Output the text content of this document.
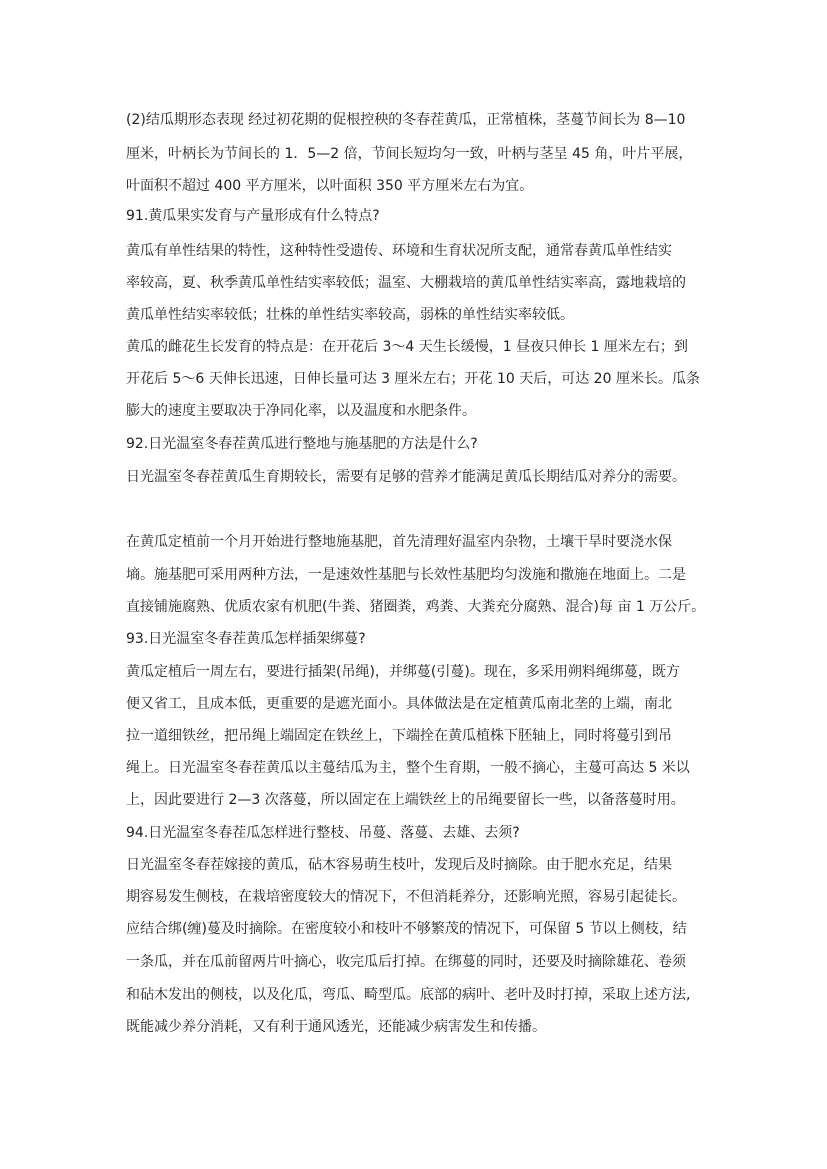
(2)结瓜期形态表现 经过初花期的促根控秧的冬春茬黄瓜，正常植株，茎蔓节间长为 8—10
厘米，叶柄长为节间长的 1．5—2 倍，节间长短均匀一致，叶柄与茎呈 45 角，叶片平展，
叶面积不超过 400 平方厘米，以叶面积 350 平方厘米左右为宜。
91.黄瓜果实发育与产量形成有什么特点?
黄瓜有单性结果的特性，这种特性受遗传、环境和生育状况所支配，通常春黄瓜单性结实
率较高，夏、秋季黄瓜单性结实率较低；温室、大棚栽培的黄瓜单性结实率高，露地栽培的
黄瓜单性结实率较低；壮株的单性结实率较高，弱株的单性结实率较低。
黄瓜的雌花生长发育的特点是：在开花后 3～4 天生长缓慢，1 昼夜只伸长 1 厘米左右；到
开花后 5～6 天伸长迅速，日伸长量可达 3 厘米左右；开花 10 天后，可达 20 厘米长。瓜条
膨大的速度主要取决于净同化率，以及温度和水肥条件。
92.日光温室冬春茬黄瓜进行整地与施基肥的方法是什么?
日光温室冬春茬黄瓜生育期较长，需要有足够的营养才能满足黄瓜长期结瓜对养分的需要。
在黄瓜定植前一个月开始进行整地施基肥，首先清理好温室内杂物，土壤干旱时要浇水保
墒。施基肥可采用两种方法，一是速效性基肥与长效性基肥均匀泼施和撒施在地面上。二是
直接铺施腐熟、优质农家有机肥(牛粪、猪圈粪，鸡粪、大粪充分腐熟、混合)每 亩 1 万公斤。
93.日光温室冬春茬黄瓜怎样插架绑蔓?
黄瓜定植后一周左右，要进行插架(吊绳)，并绑蔓(引蔓)。现在，多采用朔料绳绑蔓，既方
便又省工，且成本低，更重要的是遮光面小。具体做法是在定植黄瓜南北垄的上端，南北
拉一道细铁丝，把吊绳上端固定在铁丝上，下端拴在黄瓜植株下胚轴上，同时将蔓引到吊
绳上。日光温室冬春茬黄瓜以主蔓结瓜为主，整个生育期，一般不摘心，主蔓可高达 5 米以
上，因此要进行 2—3 次落蔓，所以固定在上端铁丝上的吊绳要留长一些，以备落蔓时用。
94.日光温室冬春茬瓜怎样进行整枝、吊蔓、落蔓、去雄、去须?
日光温室冬春茬嫁接的黄瓜，砧木容易萌生枝叶，发现后及时摘除。由于肥水充足，结果
期容易发生侧枝，在栽培密度较大的情况下，不但消耗养分，还影响光照，容易引起徒长。
应结合绑(缠)蔓及时摘除。在密度较小和枝叶不够繁茂的情况下，可保留 5 节以上侧枝，结
一条瓜，并在瓜前留两片叶摘心，收完瓜后打掉。在绑蔓的同时，还要及时摘除雄花、卷须
和砧木发出的侧枝，以及化瓜，弯瓜、畸型瓜。底部的病叶、老叶及时打掉，采取上述方法,
既能减少养分消耗，又有利于通风透光，还能减少病害发生和传播。
